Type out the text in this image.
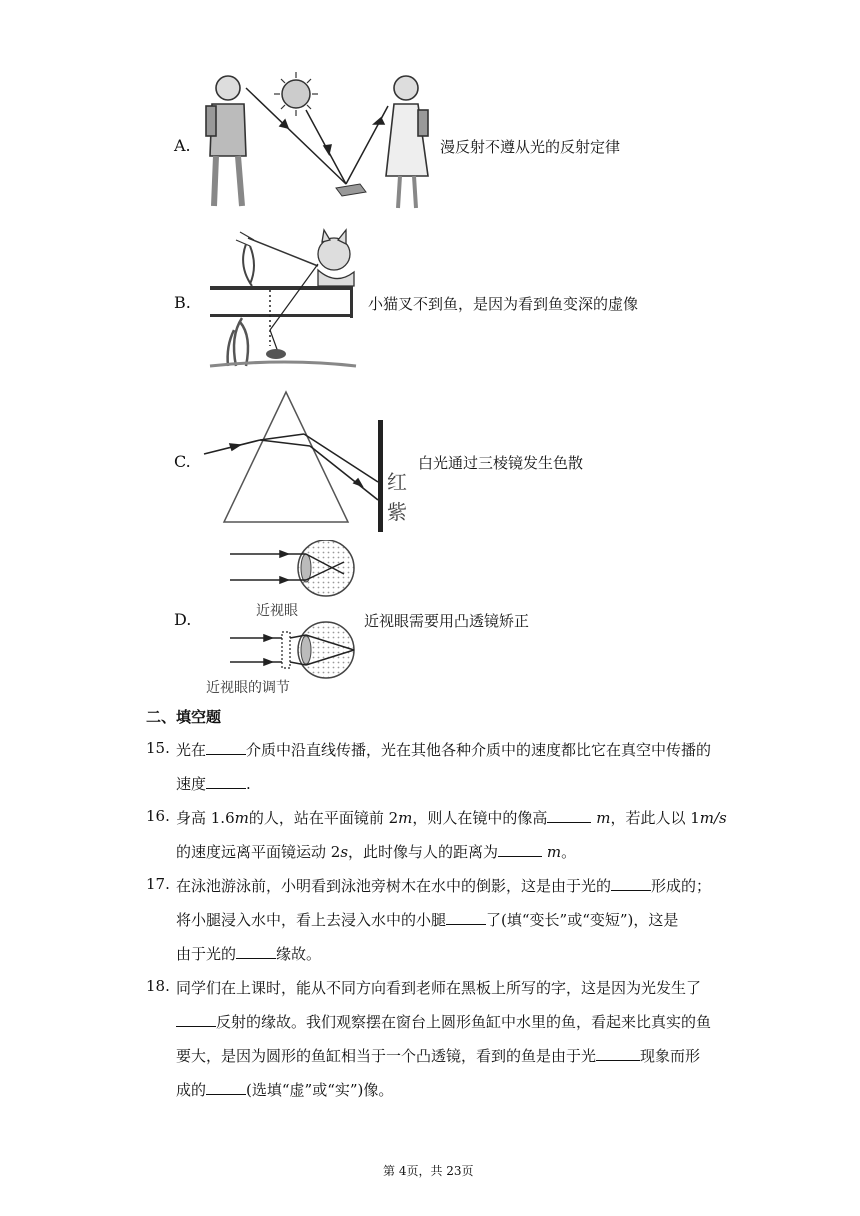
A.	漫反射不遵从光的反射定律
B.	小猫叉不到鱼，是因为看到鱼变深的虚像
C.
红
紫
白光通过三棱镜发生色散
D.	近视眼
近视眼的调节
近视眼需要用凸透镜矫正
二、填空题
15. 光在	介质中沿直线传播，光在其他各种介质中的速度都比它在真空中传播的
速度	.
16. 身高 1.6m的人，站在平面镜前 2m，则人在镜中的像高	m，若此人以 1m/s
的速度远离平面镜运动 2s，此时像与人的距离为	m。
17. 在泳池游泳前，小明看到泳池旁树木在水中的倒影，这是由于光的	形成的；
将小腿浸入水中，看上去浸入水中的小腿	了(填“变长”或“变短”)，这是
由于光的	缘故。
18. 同学们在上课时，能从不同方向看到老师在黑板上所写的字，这是因为光发生了
反射的缘故。我们观察摆在窗台上圆形鱼缸中水里的鱼，看起来比真实的鱼
要大，是因为圆形的鱼缸相当于一个凸透镜，看到的鱼是由于光	现象而形
成的	(选填“虚”或“实”)像。
第 4页，共 23页
